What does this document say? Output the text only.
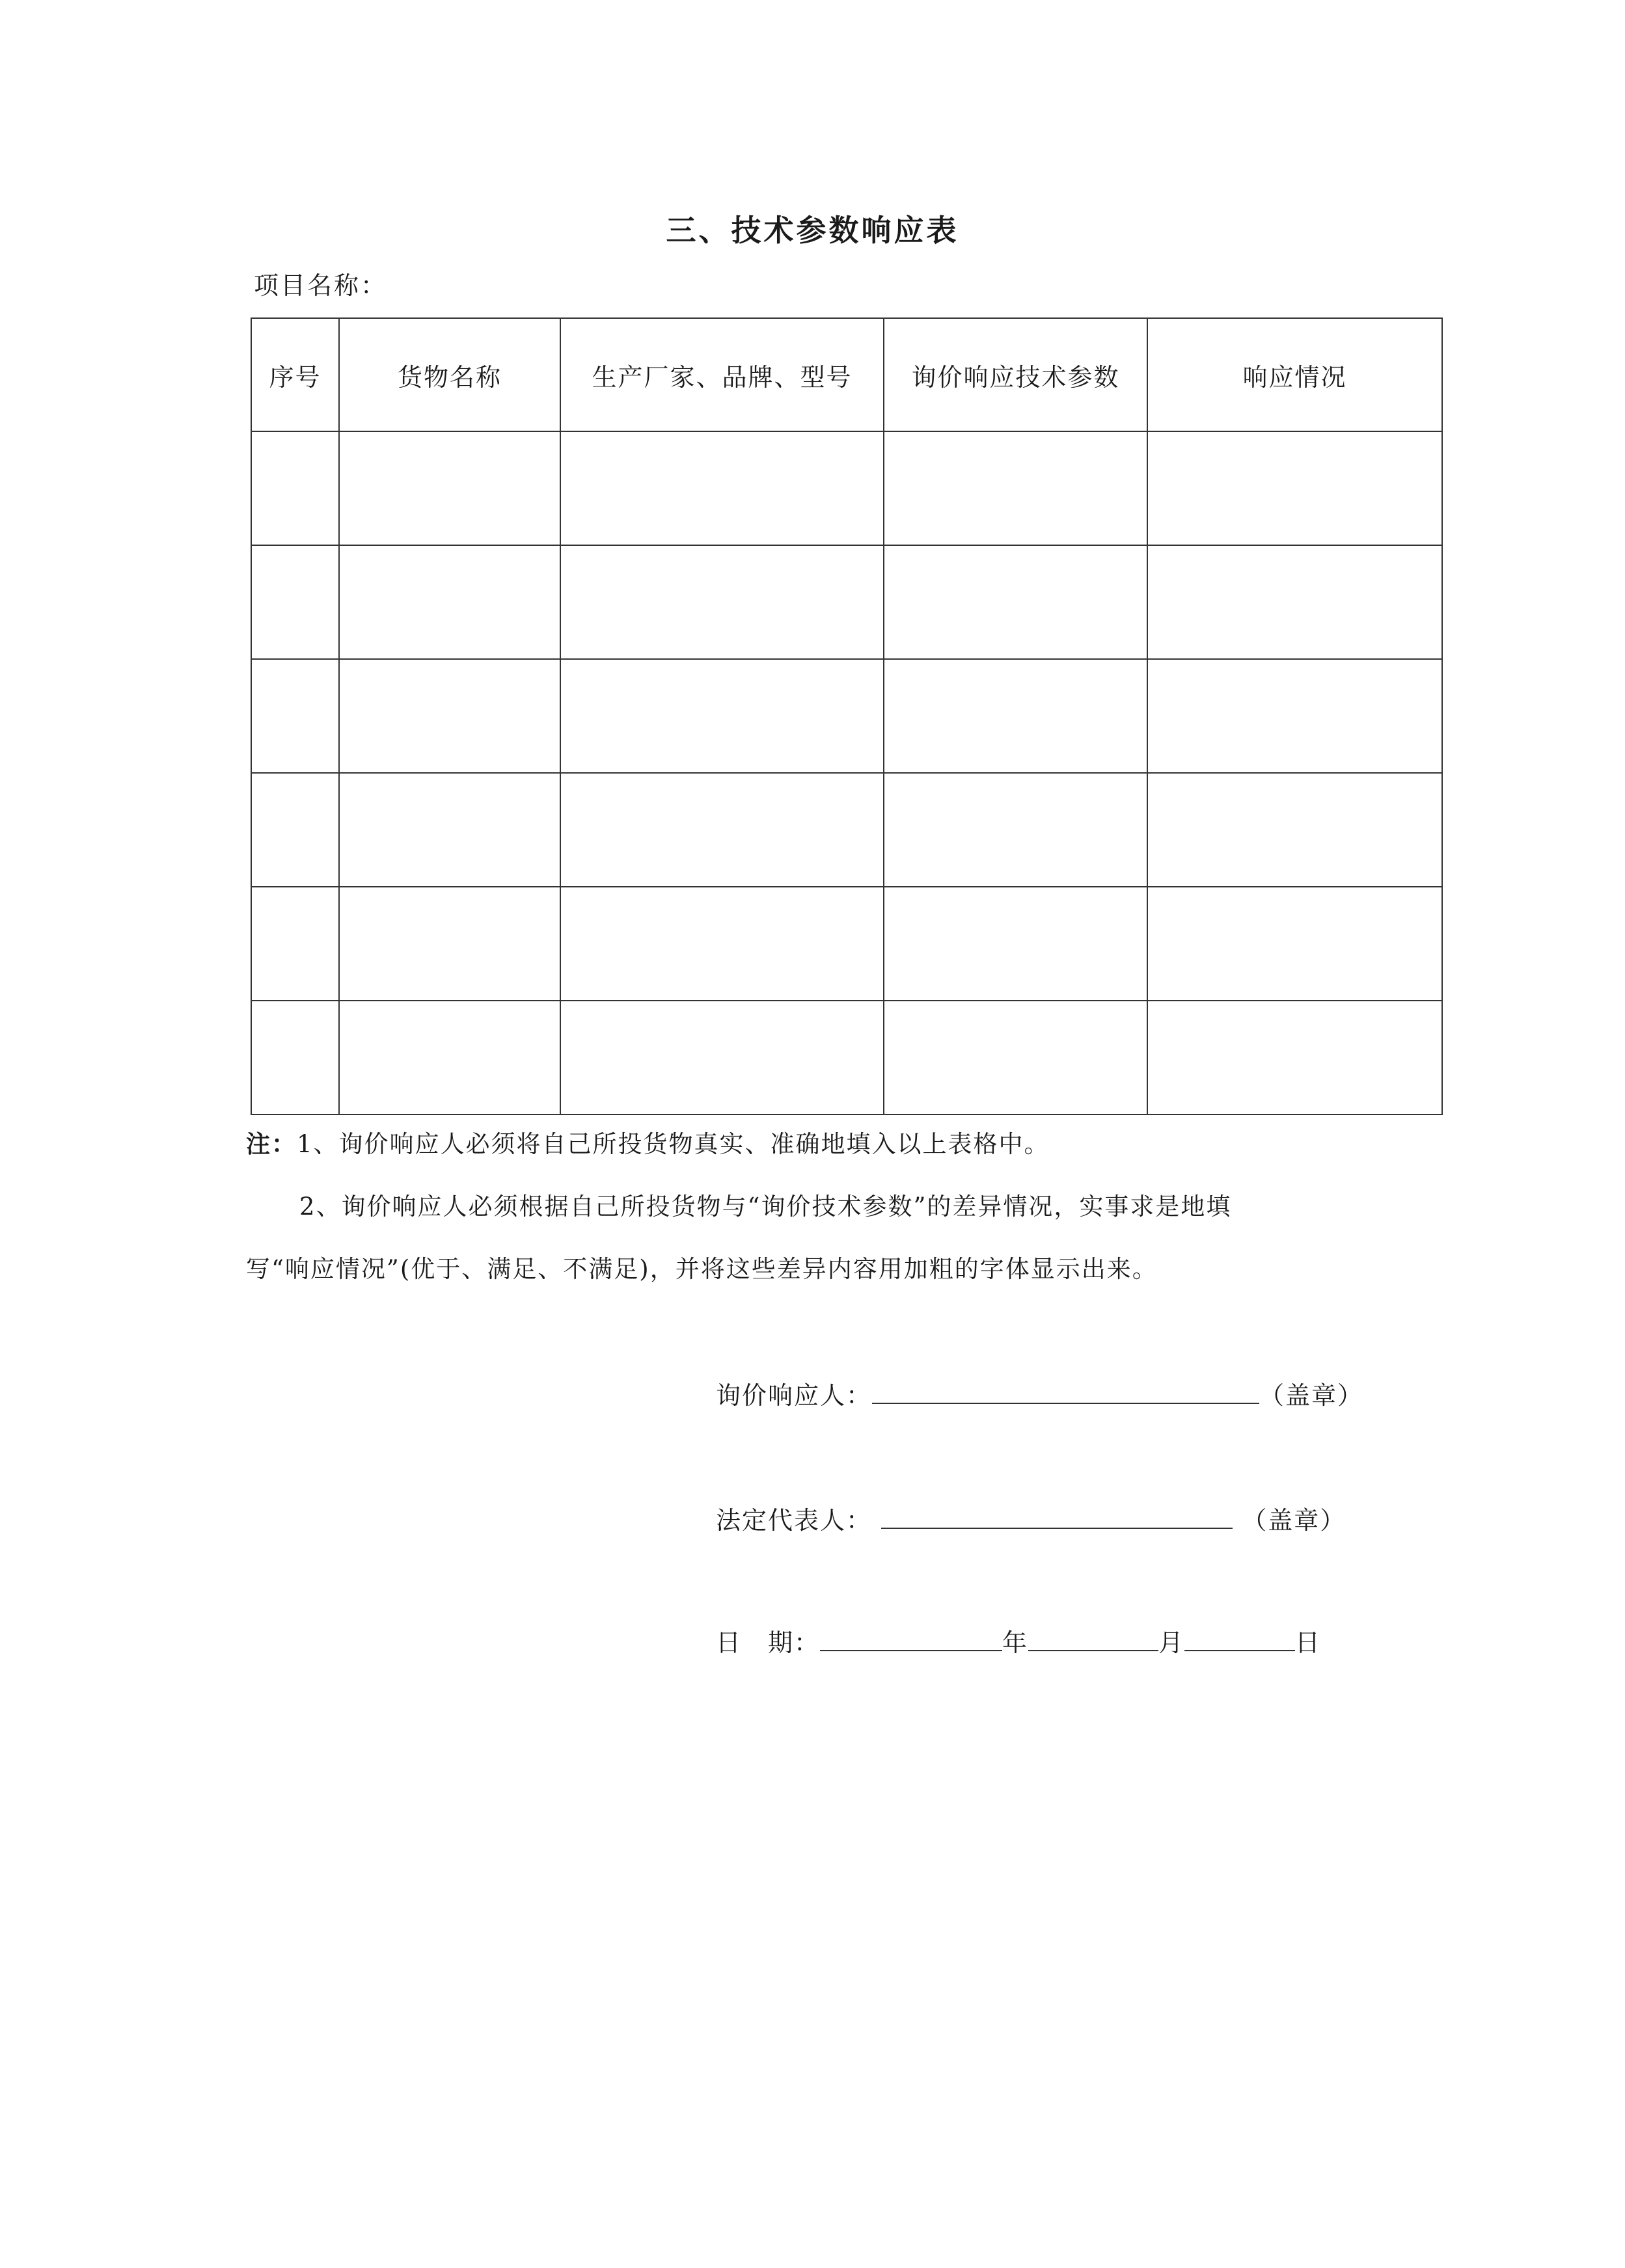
三、技术参数响应表
项目名称：
序号	货物名称	生产厂家、品牌、型号	询价响应技术参数	响应情况

注：1、询价响应人必须将自己所投货物真实、准确地填入以上表格中。
2、询价响应人必须根据自己所投货物与“询价技术参数”的差异情况，实事求是地填
写“响应情况”(优于、满足、不满足)，并将这些差异内容用加粗的字体显示出来。
询价响应人：	（盖章）
法定代表人：	（盖章）
日　期：	年	月	日
